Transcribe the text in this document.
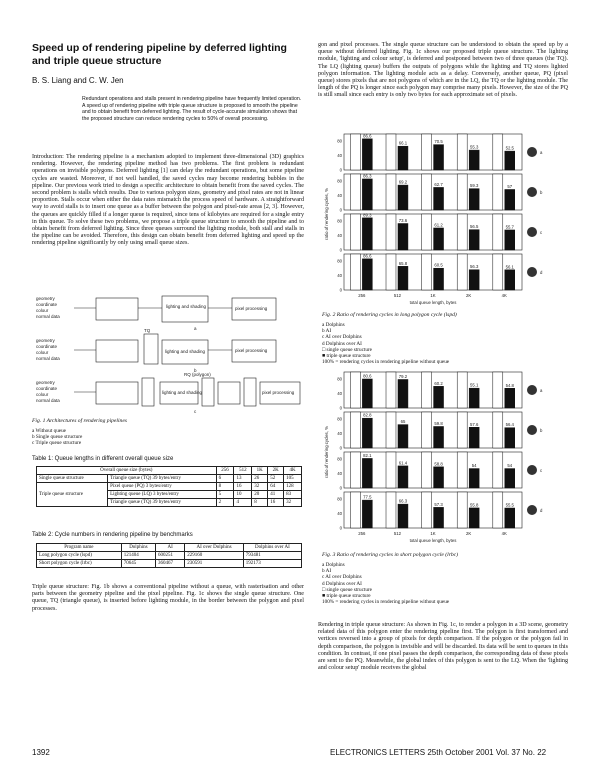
Speed up of rendering pipeline by deferred lighting and triple queue structure
B. S. Liang and C. W. Jen
Redundant operations and stalls present in rendering pipeline have frequently limited operation. A speed up of rendering pipeline with triple queue structure is proposed to smooth the pipeline and to obtain benefit from deferred lighting. The result of cycle-accurate simulation shows that the proposed structure can reduce rendering cycles to 50% of overall processing.
Introduction: The rendering pipeline is a mechanism adopted to implement three-dimensional (3D) graphics rendering. However, the rendering pipeline method has two problems. The first problem is redundant operations on invisible polygons. Deferred lighting [1] can delay the redundant operations, but some pipeline cycles are wasted. Moreover, if not well handled, the saved cycles may become rendering bubbles in the pipeline. Our previous work tried to design a specific architecture to obtain benefit from the saved cycles. The second problem is stalls which results. Due to various polygon sizes, geometry and pixel rates are not in linear proportion. Stalls occur when either the data rates mismatch the process speed of hardware. A straightforward way to avoid stalls is to insert one queue as a buffer between the polygon and pixel-rate areas [2, 3]. However, the queues are quickly filled if a longer queue is required, since tens of kilobytes are required for a single entry in this queue. To solve these two problems, we propose a triple queue structure to smooth the pipeline and to obtain benefit from deferred lighting. Since three queues surround the lighting module, both stall and stalls in the pipeline can be avoided. Therefore, this design can obtain benefit from deferred lighting and speed up the rendering pipeline significantly by only using small queue sizes.
geometry
coordinate
colour
normal data
lighting and shading	pixel processing
a
geometry
coordinate
colour
normal data
TQ
lighting and shading	pixel processing
b
geometry
coordinate
colour
normal data
lighting and shading
RQ (polygon)
pixel processing
c
Fig. 1 Architectures of rendering pipelines
a Without queue
b Single queue structure
c Triple queue structure
Table 1: Queue lengths in different overall queue size
Overall queue size (bytes)		256	512	1K	2K	4K
Single queue structure	Triangle queue (TQ) 39 bytes/entry	6	13	26	52	105
Triple queue structure	Pixel queue (PQ) 3 bytes/entry	8	16	32	64	128
	Lighting queue (LQ) 3 bytes/entry	5	10	20	41	83
	Triangle queue (TQ) 39 bytes/entry	2	4	8	16	32
Table 2: Cycle numbers in rendering pipeline by benchmarks
Program name	Dolphins	AI	AI over Dolphins	Dolphins over AI
Long polygon cycle (lspd)	121404	600251	229160	793481
Short polygon cycle (lrbc)	70645	360467	230591	192173
Triple queue structure: Fig. 1b shows a conventional pipeline without a queue, with rasterisation and other parts between the geometry pipeline and the pixel pipeline. Fig. 1c shows the single queue structure. One queue, TQ (triangle queue), is inserted before lighting module, in the border between the polygon and pixel processes.
gon and pixel processes. The single queue structure can be understood to obtain the speed up by a queue without deferred lighting. Fig. 1c shows our proposed triple queue structure. The lighting module, 'lighting and colour setup', is deferred and postponed between two of three queues (the TQ). The LQ (lighting queue) buffers the outputs of polygons while the lighting and TQ stores lighted polygon information. The lighting module acts as a delay. Conversely, another queue, PQ (pixel queue) stores pixels that are not polygons of which are in the LQ, the TQ or the lighting module. The length of the PQ is longer since each polygon may comprise many pixels. However, the size of the PQ is still small since each entry is only two bytes for each approximate set of pixels.
0
40
80
a
86.6
66.1	70.5
55.3	52.5
0
40
80
b
86.3
69.2	62.7	59.3	57
0
40
80
c
89.3
73.6
61.2	56.5	55.7
0
40
80
d
86.6
65.8	60.5	56.3	56.1
256	512	1K	2K	4K
total queue length, bytes
ratio of rendering cycles, %
Fig. 2 Ratio of rendering cycles in long polygon cycle (lspd)
a Dolphins
b AI
c AI over Dolphins
d Dolphins over AI
□ single queue structure
■ triple queue structure
100% = rendering cycles in rendering pipeline without queue
0
40
80
a
80.6	79.2
60.2	55.1	54.8
0
40
80
b
82.8
65	59.8	57.6	56.4
0
40
80
c
82.1
61.4	58.8	54	54
0
40
80
d
77.5
66.3
57.3	55.8	55.5
256	512	1K	2K	4K
total queue length, bytes
ratio of rendering cycles, %
Fig. 3 Ratio of rendering cycles in short polygon cycle (lrbc)
a Dolphins
b AI
c AI over Dolphins
d Dolphins over AI
□ single queue structure
■ triple queue structure
100% = rendering cycles in rendering pipeline without queue
Rendering in triple queue structure: As shown in Fig. 1c, to render a polygon in a 3D scene, geometry related data of this polygon enter the rendering pipeline first. The polygon is first transformed and vertices reversed into a group of pixels for depth comparison. If the polygon or the polygon fail in depth comparison, the polygon is invisible and will be discarded. Its data will be sent to queues in this condition. In contrast, if one pixel passes the depth comparison, the corresponding data of these pixels are sent to the PQ. Meanwhile, the global index of this polygon is sent to the LQ. When the 'lighting and colour setup' module receives the global
1392	ELECTRONICS LETTERS 25th October 2001 Vol. 37 No. 22
